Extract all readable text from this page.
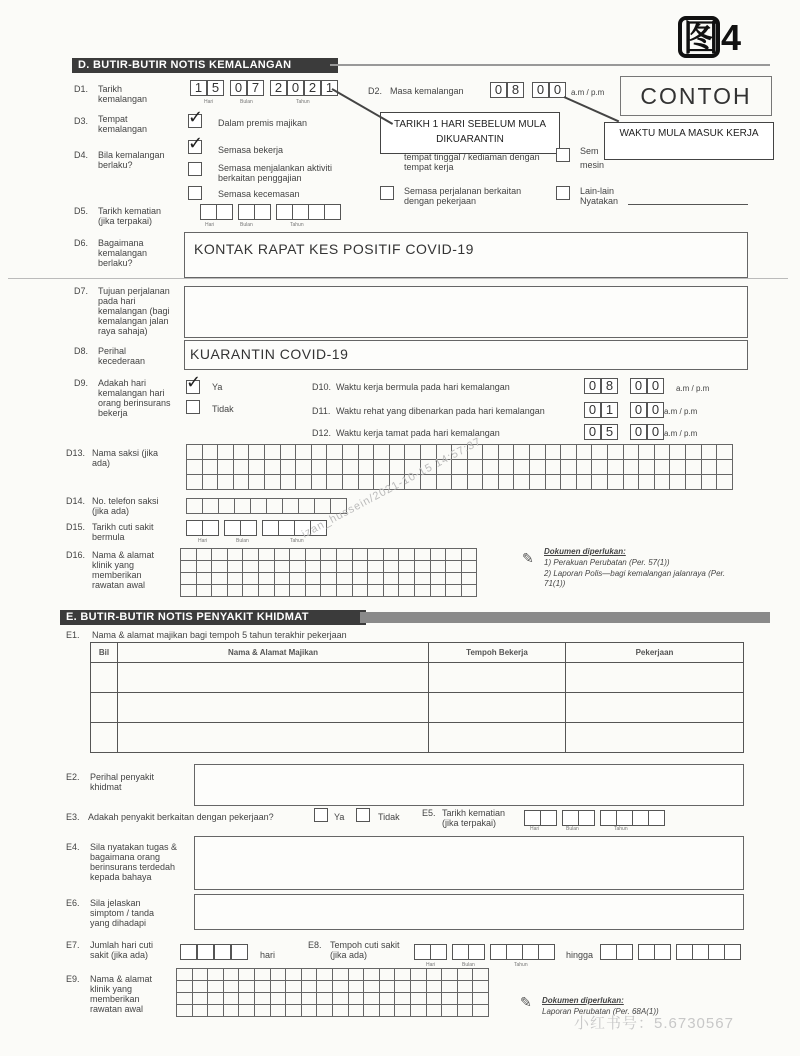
图4
D. BUTIR-BUTIR NOTIS KEMALANGAN
D1. Tarikh kemalangan
1 5	0 7	2 0 2 1
Hari	Bulan	Tahun
D2. Masa kemalangan	0 8	0 0	a.m / p.m	CONTOH
D3. Tempat kemalangan
✓ Dalam premis majikan	TARIKH 1 HARI SEBELUM MULA DIKUARANTIN
WAKTU MULA MASUK KERJA
D4. Bila kemalangan berlaku?
✓ Semasa bekerja
Semasa menjalankan aktiviti berkaitan penggajian
Semasa kecemasan
tempat tinggal / kediaman dengan tempat kerja
Semasa perjalanan berkaitan dengan pekerjaan
Sem
mesin
Lain-lain Nyatakan
D5. Tarikh kematian (jika terpakai)	Hari	Bulan	Tahun
D6. Bagaimana kemalangan berlaku?
KONTAK RAPAT KES POSITIF COVID-19
D7. Tujuan perjalanan pada hari kemalangan (bagi kemalangan jalan raya sahaja)
D8. Perihal kecederaan	KUARANTIN COVID-19
D9. Adakah hari kemalangan hari orang berinsurans bekerja
✓ Ya
Tidak
D10. Waktu kerja bermula pada hari kemalangan	0 8	0 0	a.m / p.m
D11. Waktu rehat yang dibenarkan pada hari kemalangan	0 1	0 0 a.m / p.m
D12. Waktu kerja tamat pada hari kemalangan	0 5	0 0 a.m / p.m
D13. Nama saksi (jika ada)

D14. No. telefon saksi (jika ada)

D15. Tarikh cuti sakit bermula	Hari	Bulan	Tahun
D16. Nama & alamat klinik yang memberikan rawatan awal

✎ Dokumen diperlukan:
1) Perakuan Perubatan (Per. 57(1))
2) Laporan Polis—bagi kemalangan jalanraya (Per. 71(1))
izan_hussein/2021-10-15 14:57:37
E. BUTIR-BUTIR NOTIS PENYAKIT KHIDMAT
E1. Nama & alamat majikan bagi tempoh 5 tahun terakhir pekerjaan
Bil	Nama & Alamat Majikan	Tempoh Bekerja	Pekerjaan

E2. Perihal penyakit khidmat
E3. Adakah penyakit berkaitan dengan pekerjaan?	Ya	Tidak E5. Tarikh kematian (jika terpakai)
Hari	Bulan	Tahun
E4. Sila nyatakan tugas & bagaimana orang berinsurans terdedah kepada bahaya
E6. Sila jelaskan simptom / tanda yang dihadapi
E7. Jumlah hari cuti sakit (jika ada)	hari
E8. Tempoh cuti sakit (jika ada)	hingga
Hari	Bulan	Tahun
E9. Nama & alamat klinik yang memberikan rawatan awal

																				✎ Dokumen diperlukan:
Laporan Perubatan (Per. 68A(1))
小红书号：5.6730567
